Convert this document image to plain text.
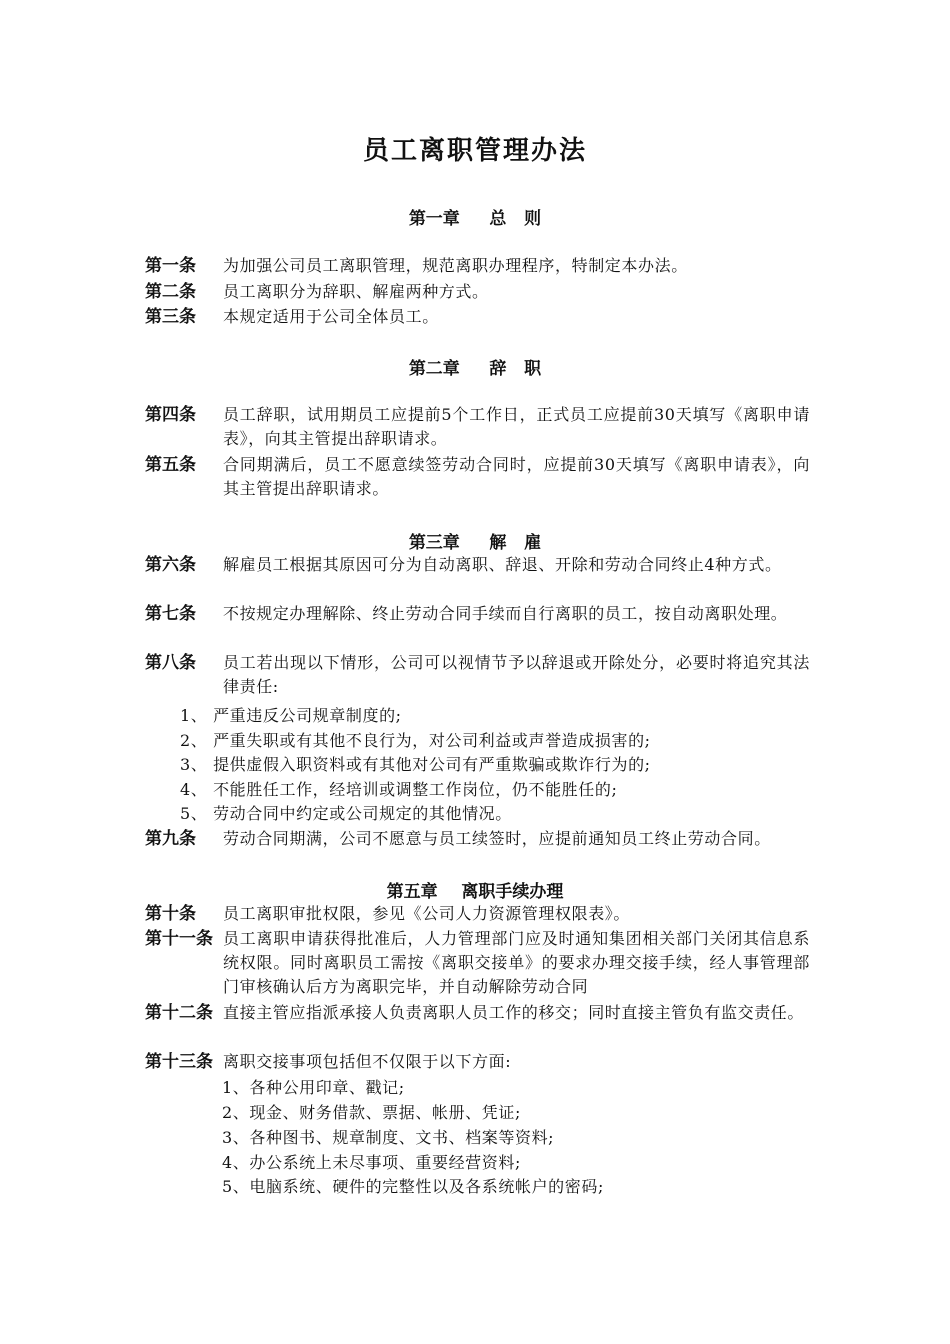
员工离职管理办法
第一章     总   则
第一条 为加强公司员工离职管理，规范离职办理程序，特制定本办法。
第二条 员工离职分为辞职、解雇两种方式。
第三条 本规定适用于公司全体员工。
第二章     辞   职
第四条 员工辞职，试用期员工应提前5个工作日，正式员工应提前30天填写《离职申请表》，向其主管提出辞职请求。
第五条 合同期满后，员工不愿意续签劳动合同时，应提前30天填写《离职申请表》，向其主管提出辞职请求。
第三章     解   雇
第六条 解雇员工根据其原因可分为自动离职、辞退、开除和劳动合同终止4种方式。
第七条 不按规定办理解除、终止劳动合同手续而自行离职的员工，按自动离职处理。
第八条 员工若出现以下情形，公司可以视情节予以辞退或开除处分，必要时将追究其法律责任:
1、 严重违反公司规章制度的;
2、 严重失职或有其他不良行为，对公司利益或声誉造成损害的;
3、 提供虚假入职资料或有其他对公司有严重欺骗或欺诈行为的;
4、 不能胜任工作，经培训或调整工作岗位，仍不能胜任的;
5、 劳动合同中约定或公司规定的其他情况。
第九条 劳动合同期满，公司不愿意与员工续签时，应提前通知员工终止劳动合同。
第五章    离职手续办理
第十条 员工离职审批权限，参见《公司人力资源管理权限表》。
第十一条 员工离职申请获得批准后，人力管理部门应及时通知集团相关部门关闭其信息系统权限。同时离职员工需按《离职交接单》的要求办理交接手续，经人事管理部门审核确认后方为离职完毕，并自动解除劳动合同
第十二条 直接主管应指派承接人负责离职人员工作的移交；同时直接主管负有监交责任。
第十三条 离职交接事项包括但不仅限于以下方面:
1、各种公用印章、戳记;
2、现金、财务借款、票据、帐册、凭证;
3、各种图书、规章制度、文书、档案等资料;
4、办公系统上未尽事项、重要经营资料;
5、电脑系统、硬件的完整性以及各系统帐户的密码;
